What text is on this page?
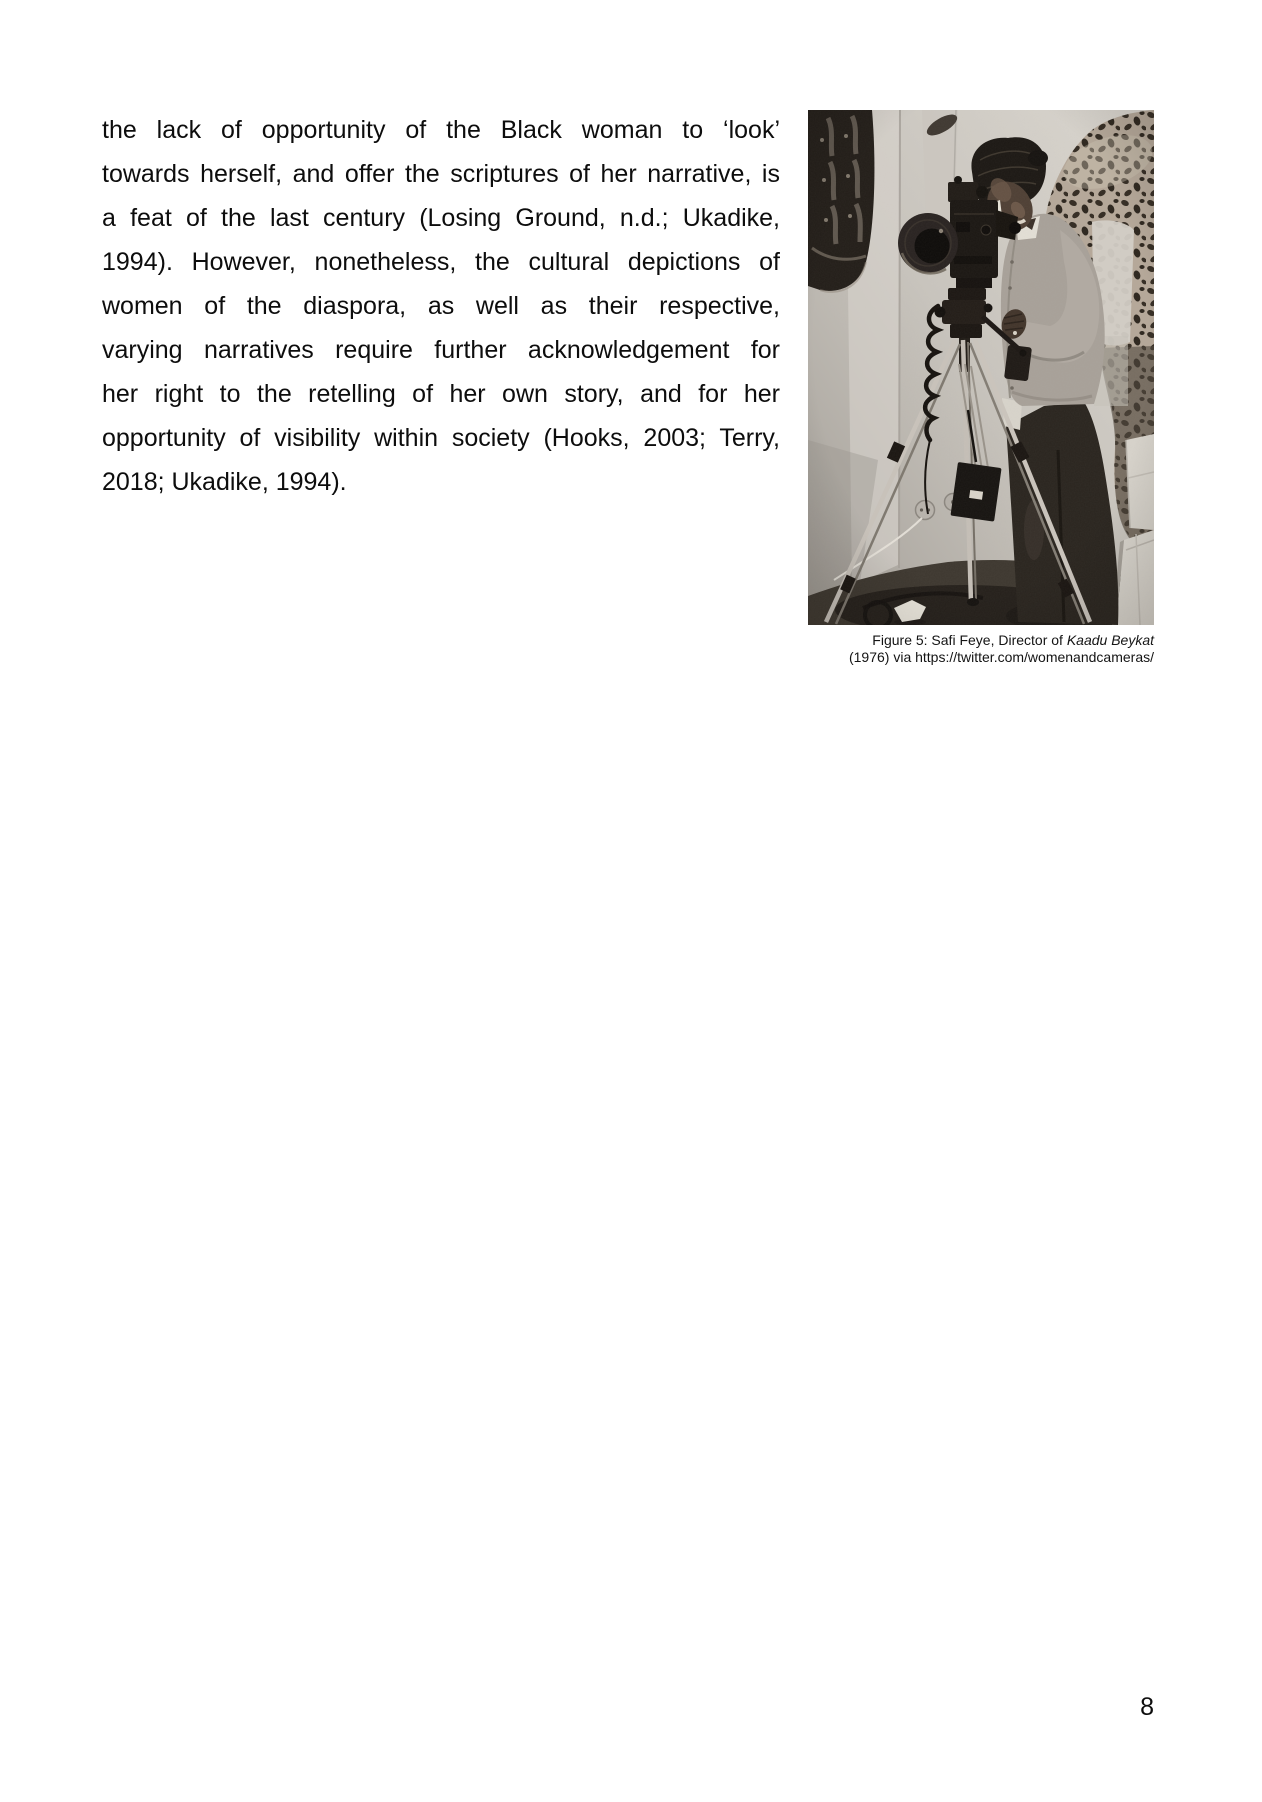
Figure 5: Safi Feye, Director of Kaadu Beykat
(1976) via https://twitter.com/womenandcameras/
the lack of opportunity of the Black woman to ‘look’
towards herself, and offer the scriptures of her narrative, is
a feat of the last century (Losing Ground, n.d.; Ukadike,
1994). However, nonetheless, the cultural depictions of
women of the diaspora, as well as their respective,
varying narratives require further acknowledgement for
her right to the retelling of her own story, and for her
opportunity of visibility within society (Hooks, 2003; Terry,
2018; Ukadike, 1994).
8
